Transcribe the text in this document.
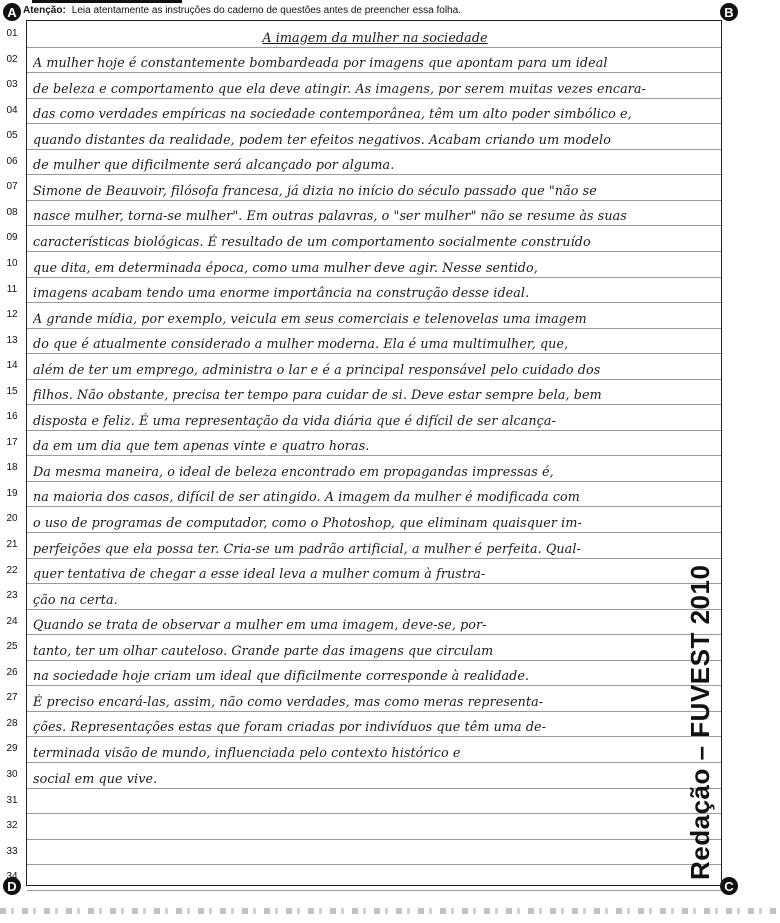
A	B
C
D
Atenção: Leia atentamente as instruções do caderno de questões antes de preencher essa folha.
01	A imagem da mulher na sociedade
02	A mulher hoje é constantemente bombardeada por imagens que apontam para um ideal
03	de beleza e comportamento que ela deve atingir. As imagens, por serem muitas vezes encara-
04	das como verdades empíricas na sociedade contemporânea, têm um alto poder simbólico e,
05	quando distantes da realidade, podem ter efeitos negativos. Acabam criando um modelo
06	de mulher que dificilmente será alcançado por alguma.
07	Simone de Beauvoir, filósofa francesa, já dizia no início do século passado que "não se
08	nasce mulher, torna-se mulher". Em outras palavras, o "ser mulher" não se resume às suas
09	características biológicas. É resultado de um comportamento socialmente construído
10	que dita, em determinada época, como uma mulher deve agir. Nesse sentido,
11	imagens acabam tendo uma enorme importância na construção desse ideal.
12	A grande mídia, por exemplo, veicula em seus comerciais e telenovelas uma imagem
13	do que é atualmente considerado a mulher moderna. Ela é uma multimulher, que,
14	além de ter um emprego, administra o lar e é a principal responsável pelo cuidado dos
15	filhos. Não obstante, precisa ter tempo para cuidar de si. Deve estar sempre bela, bem
16	disposta e feliz. É uma representação da vida diária que é difícil de ser alcança-
17	da em um dia que tem apenas vinte e quatro horas.
18	Da mesma maneira, o ideal de beleza encontrado em propagandas impressas é,
19	na maioria dos casos, difícil de ser atingido. A imagem da mulher é modificada com
20	o uso de programas de computador, como o Photoshop, que eliminam quaisquer im-
21	perfeições que ela possa ter. Cria-se um padrão artificial, a mulher é perfeita. Qual-
22	quer tentativa de chegar a esse ideal leva a mulher comum à frustra-
23	ção na certa.
24	Quando se trata de observar a mulher em uma imagem, deve-se, por-
25	tanto, ter um olhar cauteloso. Grande parte das imagens que circulam
26	na sociedade hoje criam um ideal que dificilmente corresponde à realidade.
27	É preciso encará-las, assim, não como verdades, mas como meras representa-
28	ções. Representações estas que foram criadas por indivíduos que têm uma de-
29	terminada visão de mundo, influenciada pelo contexto histórico e
30	social em que vive.
31
32
33
34	Redação – FUVEST 2010
